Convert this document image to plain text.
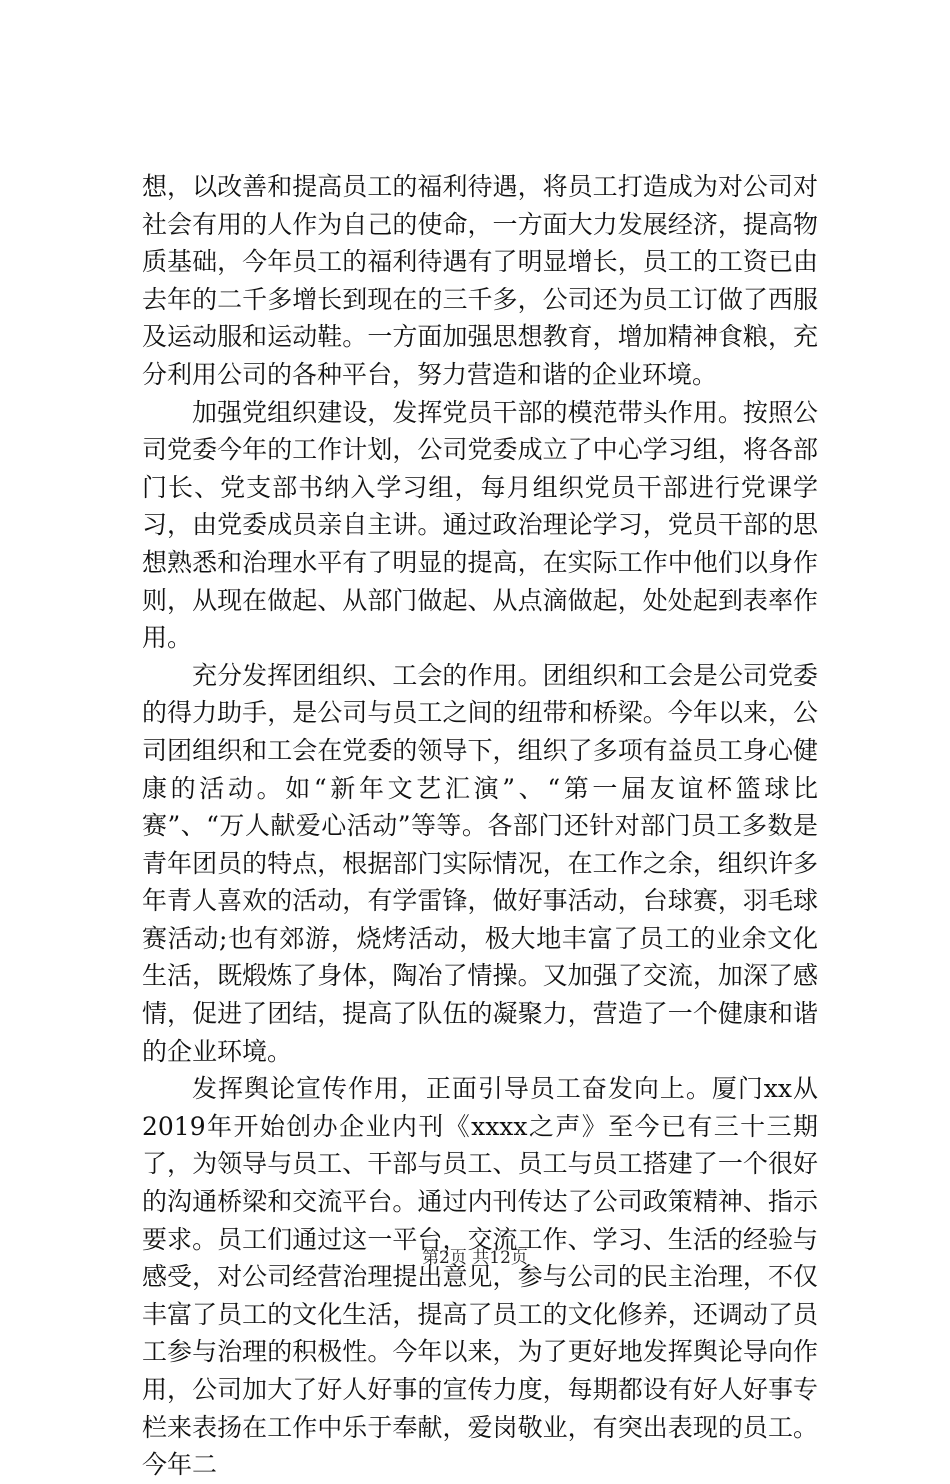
想，以改善和提高员工的福利待遇，将员工打造成为对公司对社会有用的人作为自己的使命，一方面大力发展经济，提高物质基础，今年员工的福利待遇有了明显增长，员工的工资已由去年的二千多增长到现在的三千多，公司还为员工订做了西服及运动服和运动鞋。一方面加强思想教育，增加精神食粮，充分利用公司的各种平台，努力营造和谐的企业环境。

加强党组织建设，发挥党员干部的模范带头作用。按照公司党委今年的工作计划，公司党委成立了中心学习组，将各部门长、党支部书纳入学习组，每月组织党员干部进行党课学习，由党委成员亲自主讲。通过政治理论学习，党员干部的思想熟悉和治理水平有了明显的提高，在实际工作中他们以身作则，从现在做起、从部门做起、从点滴做起，处处起到表率作用。

充分发挥团组织、工会的作用。团组织和工会是公司党委的得力助手，是公司与员工之间的纽带和桥梁。今年以来，公司团组织和工会在党委的领导下，组织了多项有益员工身心健康的活动。如“新年文艺汇演”、“第一届友谊杯篮球比赛”、“万人献爱心活动”等等。各部门还针对部门员工多数是青年团员的特点，根据部门实际情况，在工作之余，组织许多年青人喜欢的活动，有学雷锋，做好事活动，台球赛，羽毛球赛活动;也有郊游，烧烤活动，极大地丰富了员工的业余文化生活，既煅炼了身体，陶冶了情操。又加强了交流，加深了感情，促进了团结，提高了队伍的凝聚力，营造了一个健康和谐的企业环境。

发挥舆论宣传作用，正面引导员工奋发向上。厦门xx从2019年开始创办企业内刊《xxxx之声》至今已有三十三期了，为领导与员工、干部与员工、员工与员工搭建了一个很好的沟通桥梁和交流平台。通过内刊传达了公司政策精神、指示要求。员工们通过这一平台，交流工作、学习、生活的经验与感受，对公司经营治理提出意见，参与公司的民主治理，不仅丰富了员工的文化生活，提高了员工的文化修养，还调动了员工参与治理的积极性。今年以来，为了更好地发挥舆论导向作用，公司加大了好人好事的宣传力度，每期都设有好人好事专栏来表扬在工作中乐于奉献，爱岗敬业，有突出表现的员工。今年二

第2页 共12页
